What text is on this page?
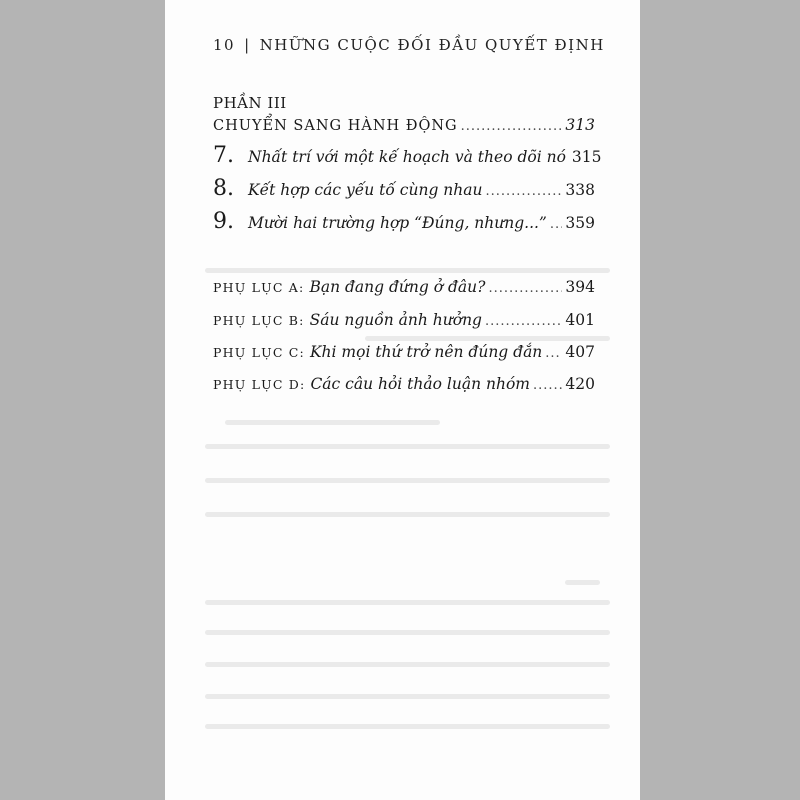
10 | NHỮNG CUỘC ĐỐI ĐẦU QUYẾT ĐỊNH
PHẦN III
CHUYỂN SANG HÀNH ĐỘNG .....	313
7. Nhất trí với một kế hoạch và theo dõi nó 315
8. Kết hợp các yếu tố cùng nhau .....	338
9. Mười hai trường hợp “Đúng, nhưng...” ..... 359
PHỤ LỤC A: Bạn đang đứng ở đâu? .....	394
PHỤ LỤC B: Sáu nguồn ảnh hưởng .....	401
PHỤ LỤC C: Khi mọi thứ trở nên đúng đắn ..... 407
PHỤ LỤC D: Các câu hỏi thảo luận nhóm ..... 420
